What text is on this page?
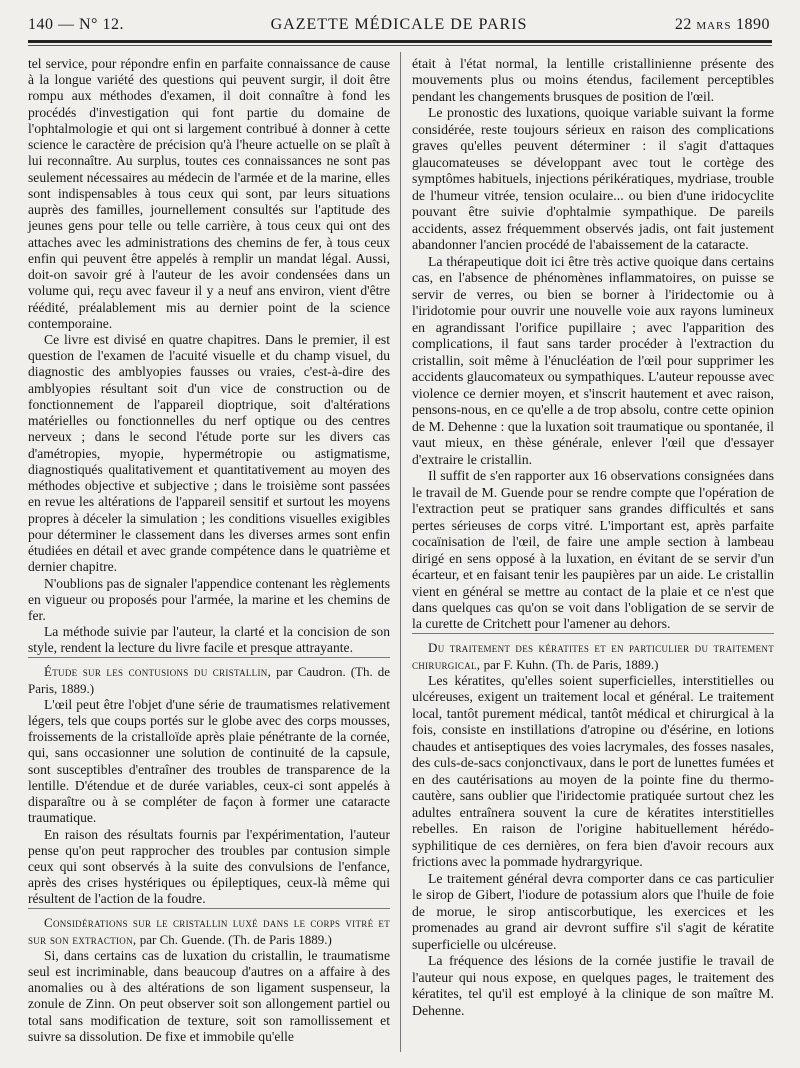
140 — N° 12.	GAZETTE MÉDICALE DE PARIS	22 MARS 1890

tel service, pour répondre enfin en parfaite connaissance de cause à la longue variété des questions qui peuvent surgir, il doit être rompu aux méthodes d'examen, il doit connaître à fond les procédés d'investigation qui font partie du domaine de l'ophtalmologie et qui ont si largement contribué à donner à cette science le caractère de précision qu'à l'heure actuelle on se plaît à lui reconnaître. Au surplus, toutes ces connaissances ne sont pas seulement nécessaires au médecin de l'armée et de la marine, elles sont indispensables à tous ceux qui sont, par leurs situations auprès des familles, journellement consultés sur l'aptitude des jeunes gens pour telle ou telle carrière, à tous ceux qui ont des attaches avec les administrations des chemins de fer, à tous ceux enfin qui peuvent être appelés à remplir un mandat légal. Aussi, doit-on savoir gré à l'auteur de les avoir condensées dans un volume qui, reçu avec faveur il y a neuf ans environ, vient d'être réédité, préalablement mis au dernier point de la science contemporaine.

Ce livre est divisé en quatre chapitres. Dans le premier, il est question de l'examen de l'acuité visuelle et du champ visuel, du diagnostic des amblyopies fausses ou vraies, c'est-à-dire des amblyopies résultant soit d'un vice de construction ou de fonctionnement de l'appareil dioptrique, soit d'altérations matérielles ou fonctionnelles du nerf optique ou des centres nerveux ; dans le second l'étude porte sur les divers cas d'amétropies, myopie, hypermétropie ou astigmatisme, diagnostiqués qualitativement et quantitativement au moyen des méthodes objective et subjective ; dans le troisième sont passées en revue les altérations de l'appareil sensitif et surtout les moyens propres à déceler la simulation ; les conditions visuelles exigibles pour déterminer le classement dans les diverses armes sont enfin étudiées en détail et avec grande compétence dans le quatrième et dernier chapitre.

N'oublions pas de signaler l'appendice contenant les règlements en vigueur ou proposés pour l'armée, la marine et les chemins de fer.

La méthode suivie par l'auteur, la clarté et la concision de son style, rendent la lecture du livre facile et presque attrayante.

Étude sur les contusions du cristallin, par Caudron. (Th. de Paris, 1889.)

L'œil peut être l'objet d'une série de traumatismes relativement légers, tels que coups portés sur le globe avec des corps mousses, froissements de la cristalloïde après plaie pénétrante de la cornée, qui, sans occasionner une solution de continuité de la capsule, sont susceptibles d'entraîner des troubles de transparence de la lentille. D'étendue et de durée variables, ceux-ci sont appelés à disparaître ou à se compléter de façon à former une cataracte traumatique.

En raison des résultats fournis par l'expérimentation, l'auteur pense qu'on peut rapprocher des troubles par contusion simple ceux qui sont observés à la suite des convulsions de l'enfance, après des crises hystériques ou épileptiques, ceux-là même qui résultent de l'action de la foudre.

Considérations sur le cristallin luxé dans le corps vitré et sur son extraction, par Ch. Guende. (Th. de Paris 1889.)

Si, dans certains cas de luxation du cristallin, le traumatisme seul est incriminable, dans beaucoup d'autres on a affaire à des anomalies ou à des altérations de son ligament suspenseur, la zonule de Zinn. On peut observer soit son allongement partiel ou total sans modification de texture, soit son ramollissement et suivre sa dissolution. De fixe et immobile qu'elle

était à l'état normal, la lentille cristallinienne présente des mouvements plus ou moins étendus, facilement perceptibles pendant les changements brusques de position de l'œil.

Le pronostic des luxations, quoique variable suivant la forme considérée, reste toujours sérieux en raison des complications graves qu'elles peuvent déterminer : il s'agit d'attaques glaucomateuses se développant avec tout le cortège des symptômes habituels, injections périkératiques, mydriase, trouble de l'humeur vitrée, tension oculaire... ou bien d'une iridocyclite pouvant être suivie d'ophtalmie sympathique. De pareils accidents, assez fréquemment observés jadis, ont fait justement abandonner l'ancien procédé de l'abaissement de la cataracte.

La thérapeutique doit ici être très active quoique dans certains cas, en l'absence de phénomènes inflammatoires, on puisse se servir de verres, ou bien se borner à l'iridectomie ou à l'iridotomie pour ouvrir une nouvelle voie aux rayons lumineux en agrandissant l'orifice pupillaire ; avec l'apparition des complications, il faut sans tarder procéder à l'extraction du cristallin, soit même à l'énucléation de l'œil pour supprimer les accidents glaucomateux ou sympathiques. L'auteur repousse avec violence ce dernier moyen, et s'inscrit hautement et avec raison, pensons-nous, en ce qu'elle a de trop absolu, contre cette opinion de M. Dehenne : que la luxation soit traumatique ou spontanée, il vaut mieux, en thèse générale, enlever l'œil que d'essayer d'extraire le cristallin.

Il suffit de s'en rapporter aux 16 observations consignées dans le travail de M. Guende pour se rendre compte que l'opération de l'extraction peut se pratiquer sans grandes difficultés et sans pertes sérieuses de corps vitré. L'important est, après parfaite cocaïnisation de l'œil, de faire une ample section à lambeau dirigé en sens opposé à la luxation, en évitant de se servir d'un écarteur, et en faisant tenir les paupières par un aide. Le cristallin vient en général se mettre au contact de la plaie et ce n'est que dans quelques cas qu'on se voit dans l'obligation de se servir de la curette de Critchett pour l'amener au dehors.

Du traitement des kératites et en particulier du traitement chirurgical, par F. Kuhn. (Th. de Paris, 1889.)

Les kératites, qu'elles soient superficielles, interstitielles ou ulcéreuses, exigent un traitement local et général. Le traitement local, tantôt purement médical, tantôt médical et chirurgical à la fois, consiste en instillations d'atropine ou d'ésérine, en lotions chaudes et antiseptiques des voies lacrymales, des fosses nasales, des culs-de-sacs conjonctivaux, dans le port de lunettes fumées et en des cautérisations au moyen de la pointe fine du thermo-cautère, sans oublier que l'iridectomie pratiquée surtout chez les adultes entraînera souvent la cure de kératites interstitielles rebelles. En raison de l'origine habituellement hérédo-syphilitique de ces dernières, on fera bien d'avoir recours aux frictions avec la pommade hydrargyrique.

Le traitement général devra comporter dans ce cas particulier le sirop de Gibert, l'iodure de potassium alors que l'huile de foie de morue, le sirop antiscorbutique, les exercices et les promenades au grand air devront suffire s'il s'agit de kératite superficielle ou ulcéreuse.

La fréquence des lésions de la cornée justifie le travail de l'auteur qui nous expose, en quelques pages, le traitement des kératites, tel qu'il est employé à la clinique de son maître M. Dehenne.
